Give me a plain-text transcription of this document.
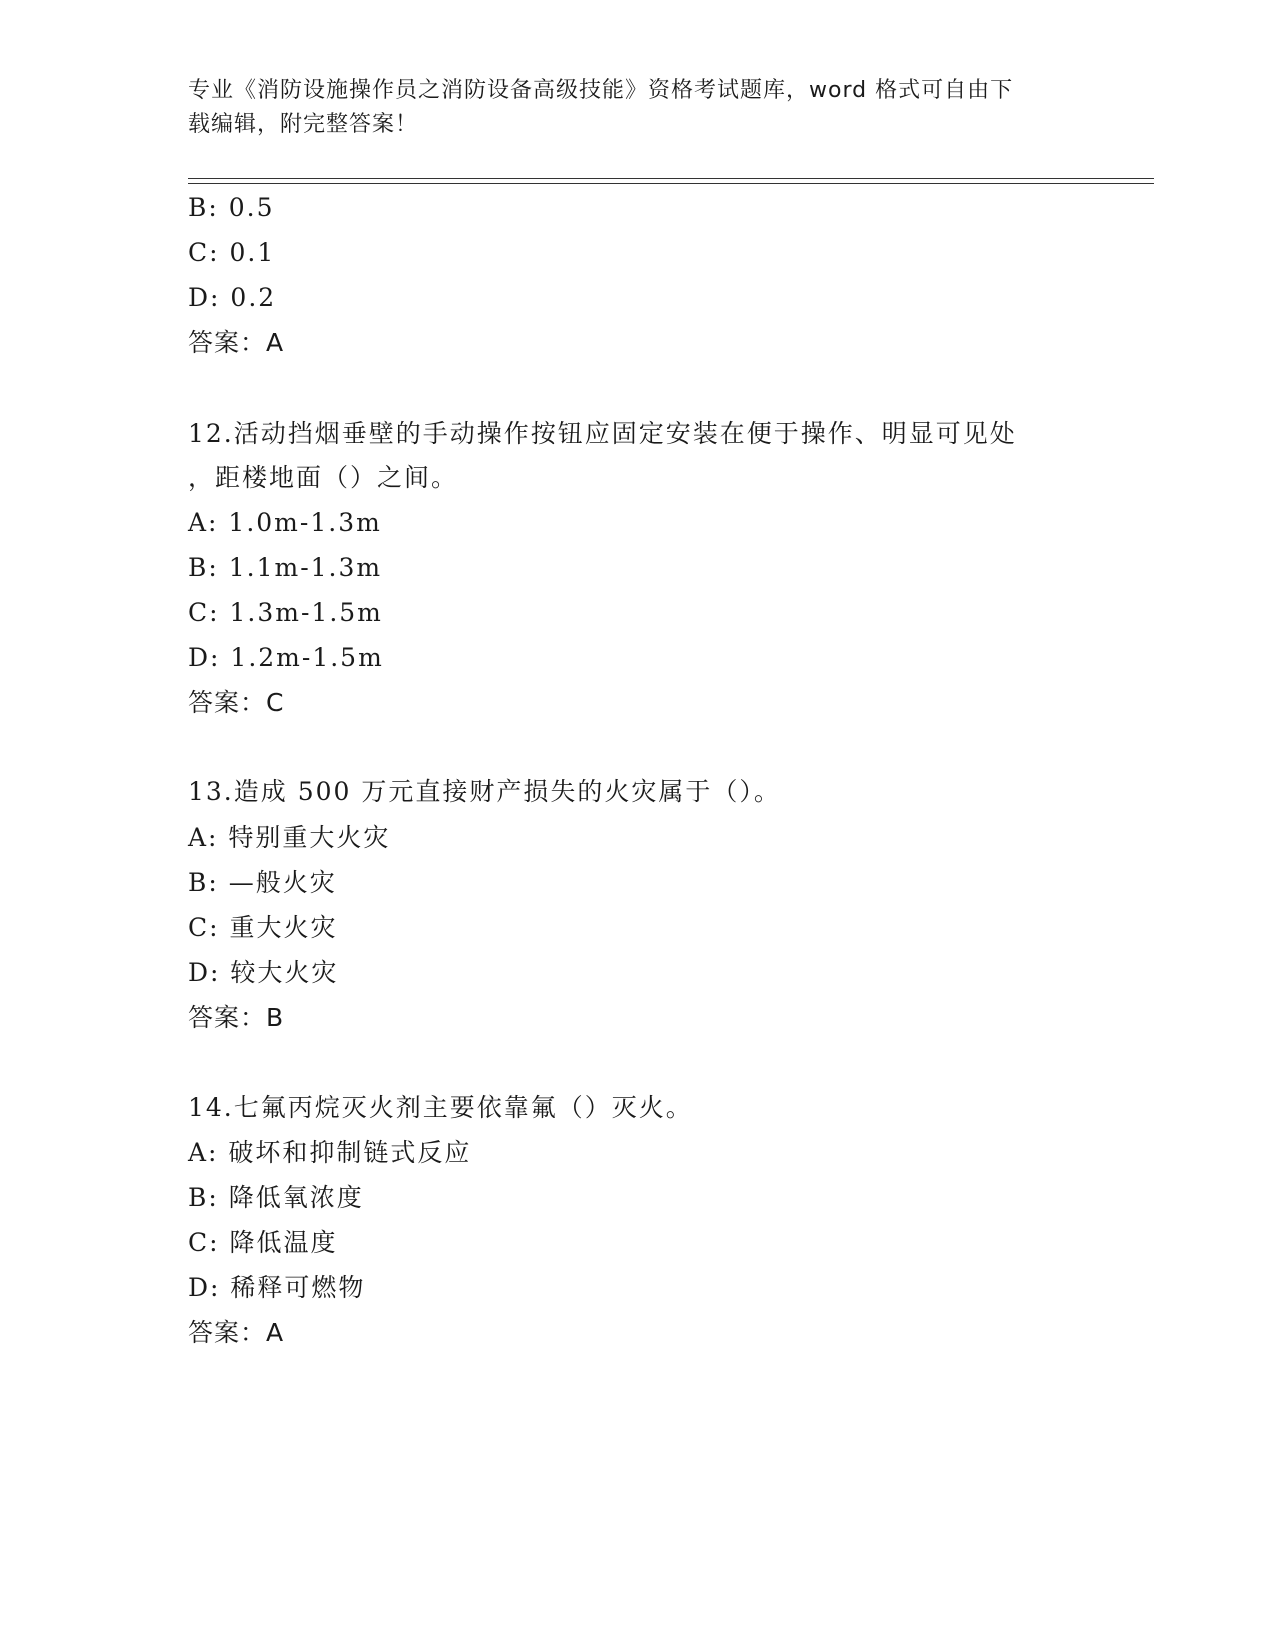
专业《消防设施操作员之消防设备高级技能》资格考试题库，word 格式可自由下
载编辑，附完整答案！
B: 0.5
C: 0.1
D: 0.2
答案：A
12.活动挡烟垂壁的手动操作按钮应固定安装在便于操作、明显可见处
，距楼地面（）之间。
A: 1.0m-1.3m
B: 1.1m-1.3m
C: 1.3m-1.5m
D: 1.2m-1.5m
答案：C
13.造成 500 万元直接财产损失的火灾属于（）。
A: 特别重大火灾
B: —般火灾
C: 重大火灾
D: 较大火灾
答案：B
14.七氟丙烷灭火剂主要依靠氟（）灭火。
A: 破坏和抑制链式反应
B: 降低氧浓度
C: 降低温度
D: 稀释可燃物
答案：A
